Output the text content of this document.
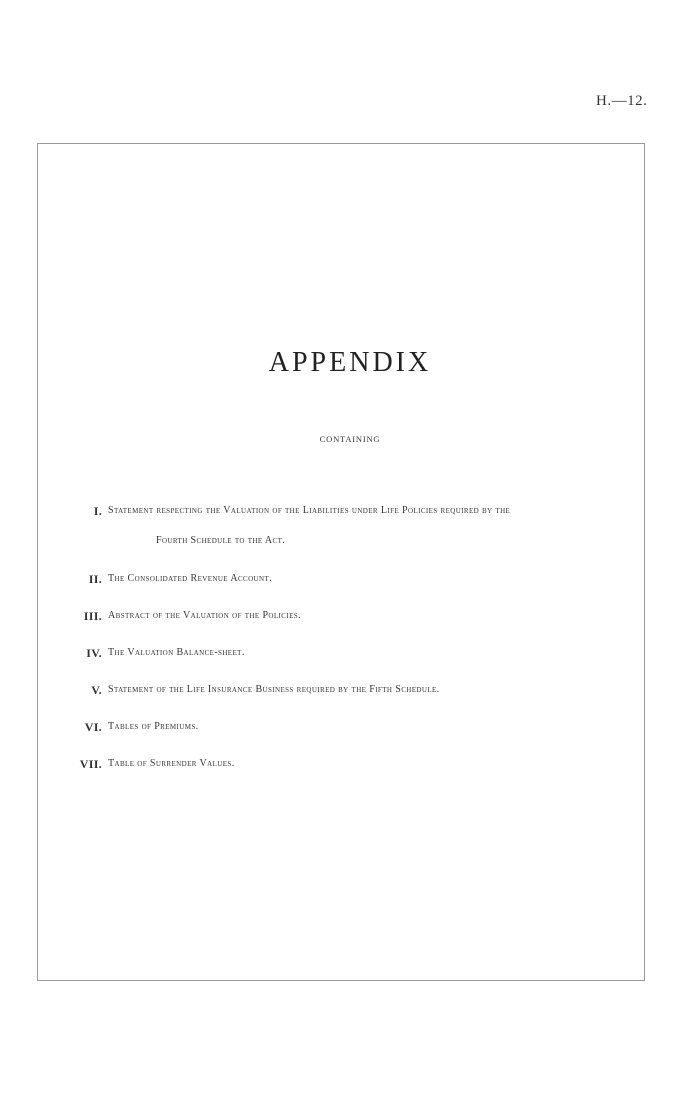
H.—12.
APPENDIX
CONTAINING
I. Statement respecting the Valuation of the Liabilities under Life Policies required by the
Fourth Schedule to the Act.
II. The Consolidated Revenue Account.
III. Abstract of the Valuation of the Policies.
IV. The Valuation Balance-sheet.
V. Statement of the Life Insurance Business required by the Fifth Schedule.
VI. Tables of Premiums.
VII. Table of Surrender Values.
